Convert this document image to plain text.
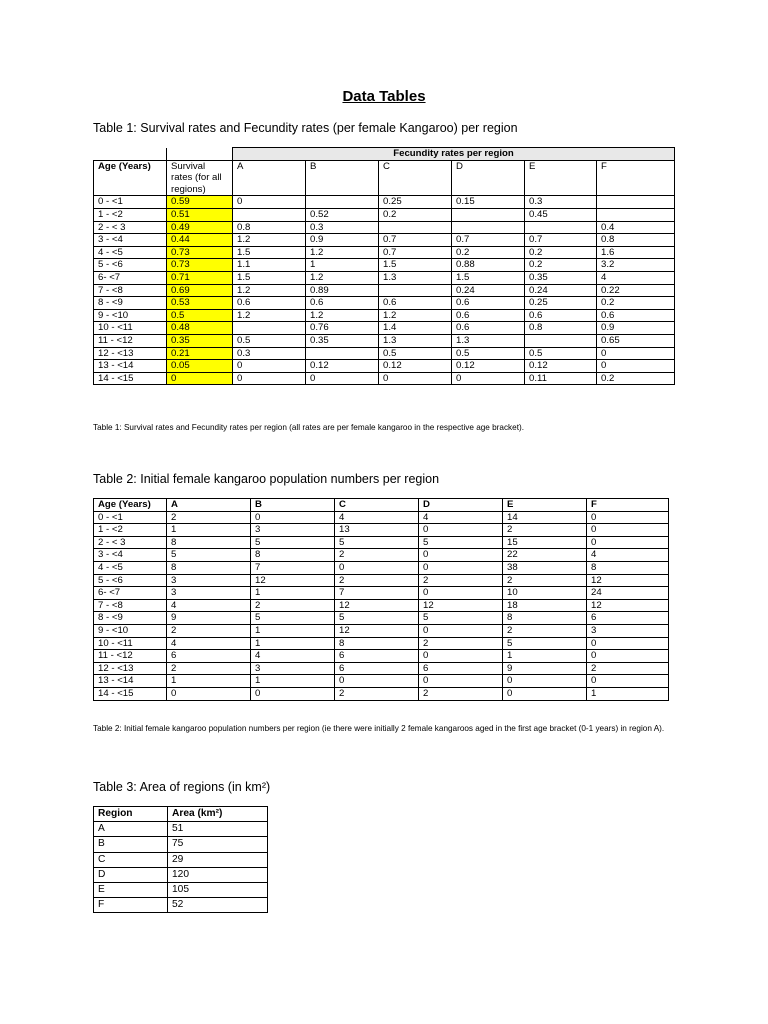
Data Tables
Table 1: Survival rates and Fecundity rates (per female Kangaroo) per region
		Fecundity rates per region					
Age (Years)	Survival rates (for all regions)	A	B	C	D	E	F
0 - <1	0.59	0		0.25	0.15	0.3	
1 - <2	0.51		0.52	0.2		0.45	
2 - < 3	0.49	0.8	0.3				0.4
3 - <4	0.44	1.2	0.9	0.7	0.7	0.7	0.8
4 - <5	0.73	1.5	1.2	0.7	0.2	0.2	1.6
5 - <6	0.73	1.1	1	1.5	0.88	0.2	3.2
6- <7	0.71	1.5	1.2	1.3	1.5	0.35	4
7 - <8	0.69	1.2	0.89		0.24	0.24	0.22
8 - <9	0.53	0.6	0.6	0.6	0.6	0.25	0.2
9 - <10	0.5	1.2	1.2	1.2	0.6	0.6	0.6
10 - <11	0.48		0.76	1.4	0.6	0.8	0.9
11 - <12	0.35	0.5	0.35	1.3	1.3		0.65
12 - <13	0.21	0.3		0.5	0.5	0.5	0
13 - <14	0.05	0	0.12	0.12	0.12	0.12	0
14 - <15	0	0	0	0	0	0.11	0.2
Table 1: Survival rates and Fecundity rates per region (all rates are per female kangaroo in the respective age bracket).
Table 2: Initial female kangaroo population numbers per region
Age (Years)	A	B	C	D	E	F
0 - <1	2	0	4	4	14	0
1 - <2	1	3	13	0	2	0
2 - < 3	8	5	5	5	15	0
3 - <4	5	8	2	0	22	4
4 - <5	8	7	0	0	38	8
5 - <6	3	12	2	2	2	12
6- <7	3	1	7	0	10	24
7 - <8	4	2	12	12	18	12
8 - <9	9	5	5	5	8	6
9 - <10	2	1	12	0	2	3
10 - <11	4	1	8	2	5	0
11 - <12	6	4	6	0	1	0
12 - <13	2	3	6	6	9	2
13 - <14	1	1	0	0	0	0
14 - <15	0	0	2	2	0	1
Table 2: Initial female kangaroo population numbers per region (ie there were initially 2 female kangaroos aged in the first age bracket (0-1 years) in region A).
Table 3: Area of regions (in km²)
Region	Area (km²)
A	51
B	75
C	29
D	120
E	105
F	52
